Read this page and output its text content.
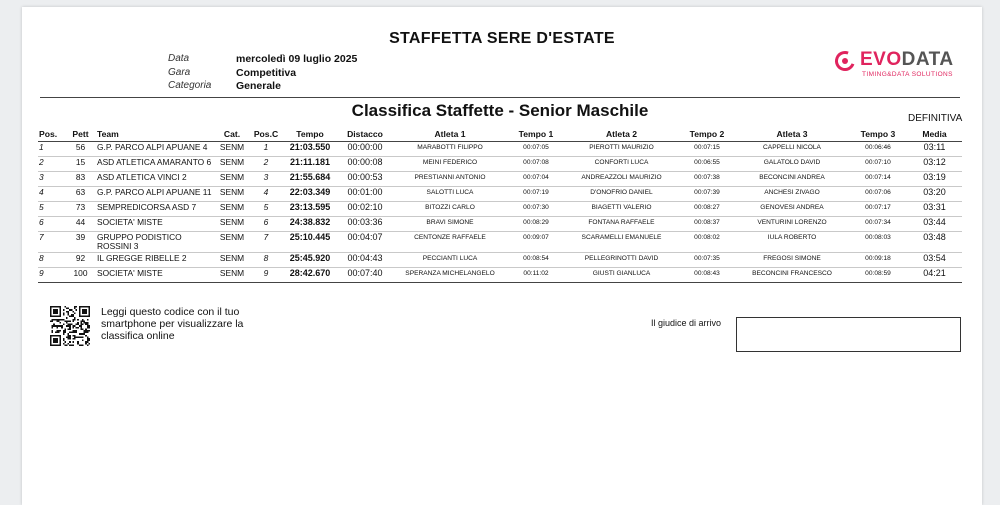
STAFFETTA SERE D'ESTATE
Data	mercoledì 09 luglio 2025
Gara	Competitiva
Categoria	Generale
EVODATA
TIMING&DATA SOLUTIONS
Classifica Staffette - Senior Maschile	DEFINITIVA
Pos.	Pett	Team	Cat.	Pos.C	Tempo	Distacco	Atleta 1	Tempo 1	Atleta 2	Tempo 2	Atleta 3	Tempo 3	Media
1	56	G.P. PARCO ALPI APUANE 4	SENM	1	21:03.550	00:00:00	MARABOTTI FILIPPO	00:07:05	PIEROTTI MAURIZIO	00:07:15	CAPPELLI NICOLA	00:06:46	03:11
2	15	ASD ATLETICA AMARANTO 6	SENM	2	21:11.181	00:00:08	MEINI FEDERICO	00:07:08	CONFORTI LUCA	00:06:55	GALATOLO DAVID	00:07:10	03:12
3	83	ASD ATLETICA VINCI 2	SENM	3	21:55.684	00:00:53	PRESTIANNI ANTONIO	00:07:04	ANDREAZZOLI MAURIZIO	00:07:38	BECONCINI ANDREA	00:07:14	03:19
4	63	G.P. PARCO ALPI APUANE 11	SENM	4	22:03.349	00:01:00	SALOTTI LUCA	00:07:19	D'ONOFRIO DANIEL	00:07:39	ANCHESI ZIVAGO	00:07:06	03:20
5	73	SEMPREDICORSA ASD 7	SENM	5	23:13.595	00:02:10	BITOZZI CARLO	00:07:30	BIAGETTI VALERIO	00:08:27	GENOVESI ANDREA	00:07:17	03:31
6	44	SOCIETA' MISTE	SENM	6	24:38.832	00:03:36	BRAVI SIMONE	00:08:29	FONTANA RAFFAELE	00:08:37	VENTURINI LORENZO	00:07:34	03:44
7	39	GRUPPO PODISTICO ROSSINI 3	SENM	7	25:10.445	00:04:07	CENTONZE RAFFAELE	00:09:07	SCARAMELLI EMANUELE	00:08:02	IULA ROBERTO	00:08:03	03:48
8	92	IL GREGGE RIBELLE 2	SENM	8	25:45.920	00:04:43	PECCIANTI LUCA	00:08:54	PELLEGRINOTTI DAVID	00:07:35	FREGOSI SIMONE	00:09:18	03:54
9	100	SOCIETA' MISTE	SENM	9	28:42.670	00:07:40	SPERANZA MICHELANGELO	00:11:02	GIUSTI GIANLUCA	00:08:43	BECONCINI FRANCESCO	00:08:59	04:21
Leggi questo codice con il tuo smartphone per visualizzare la classifica online
Il giudice di arrivo
